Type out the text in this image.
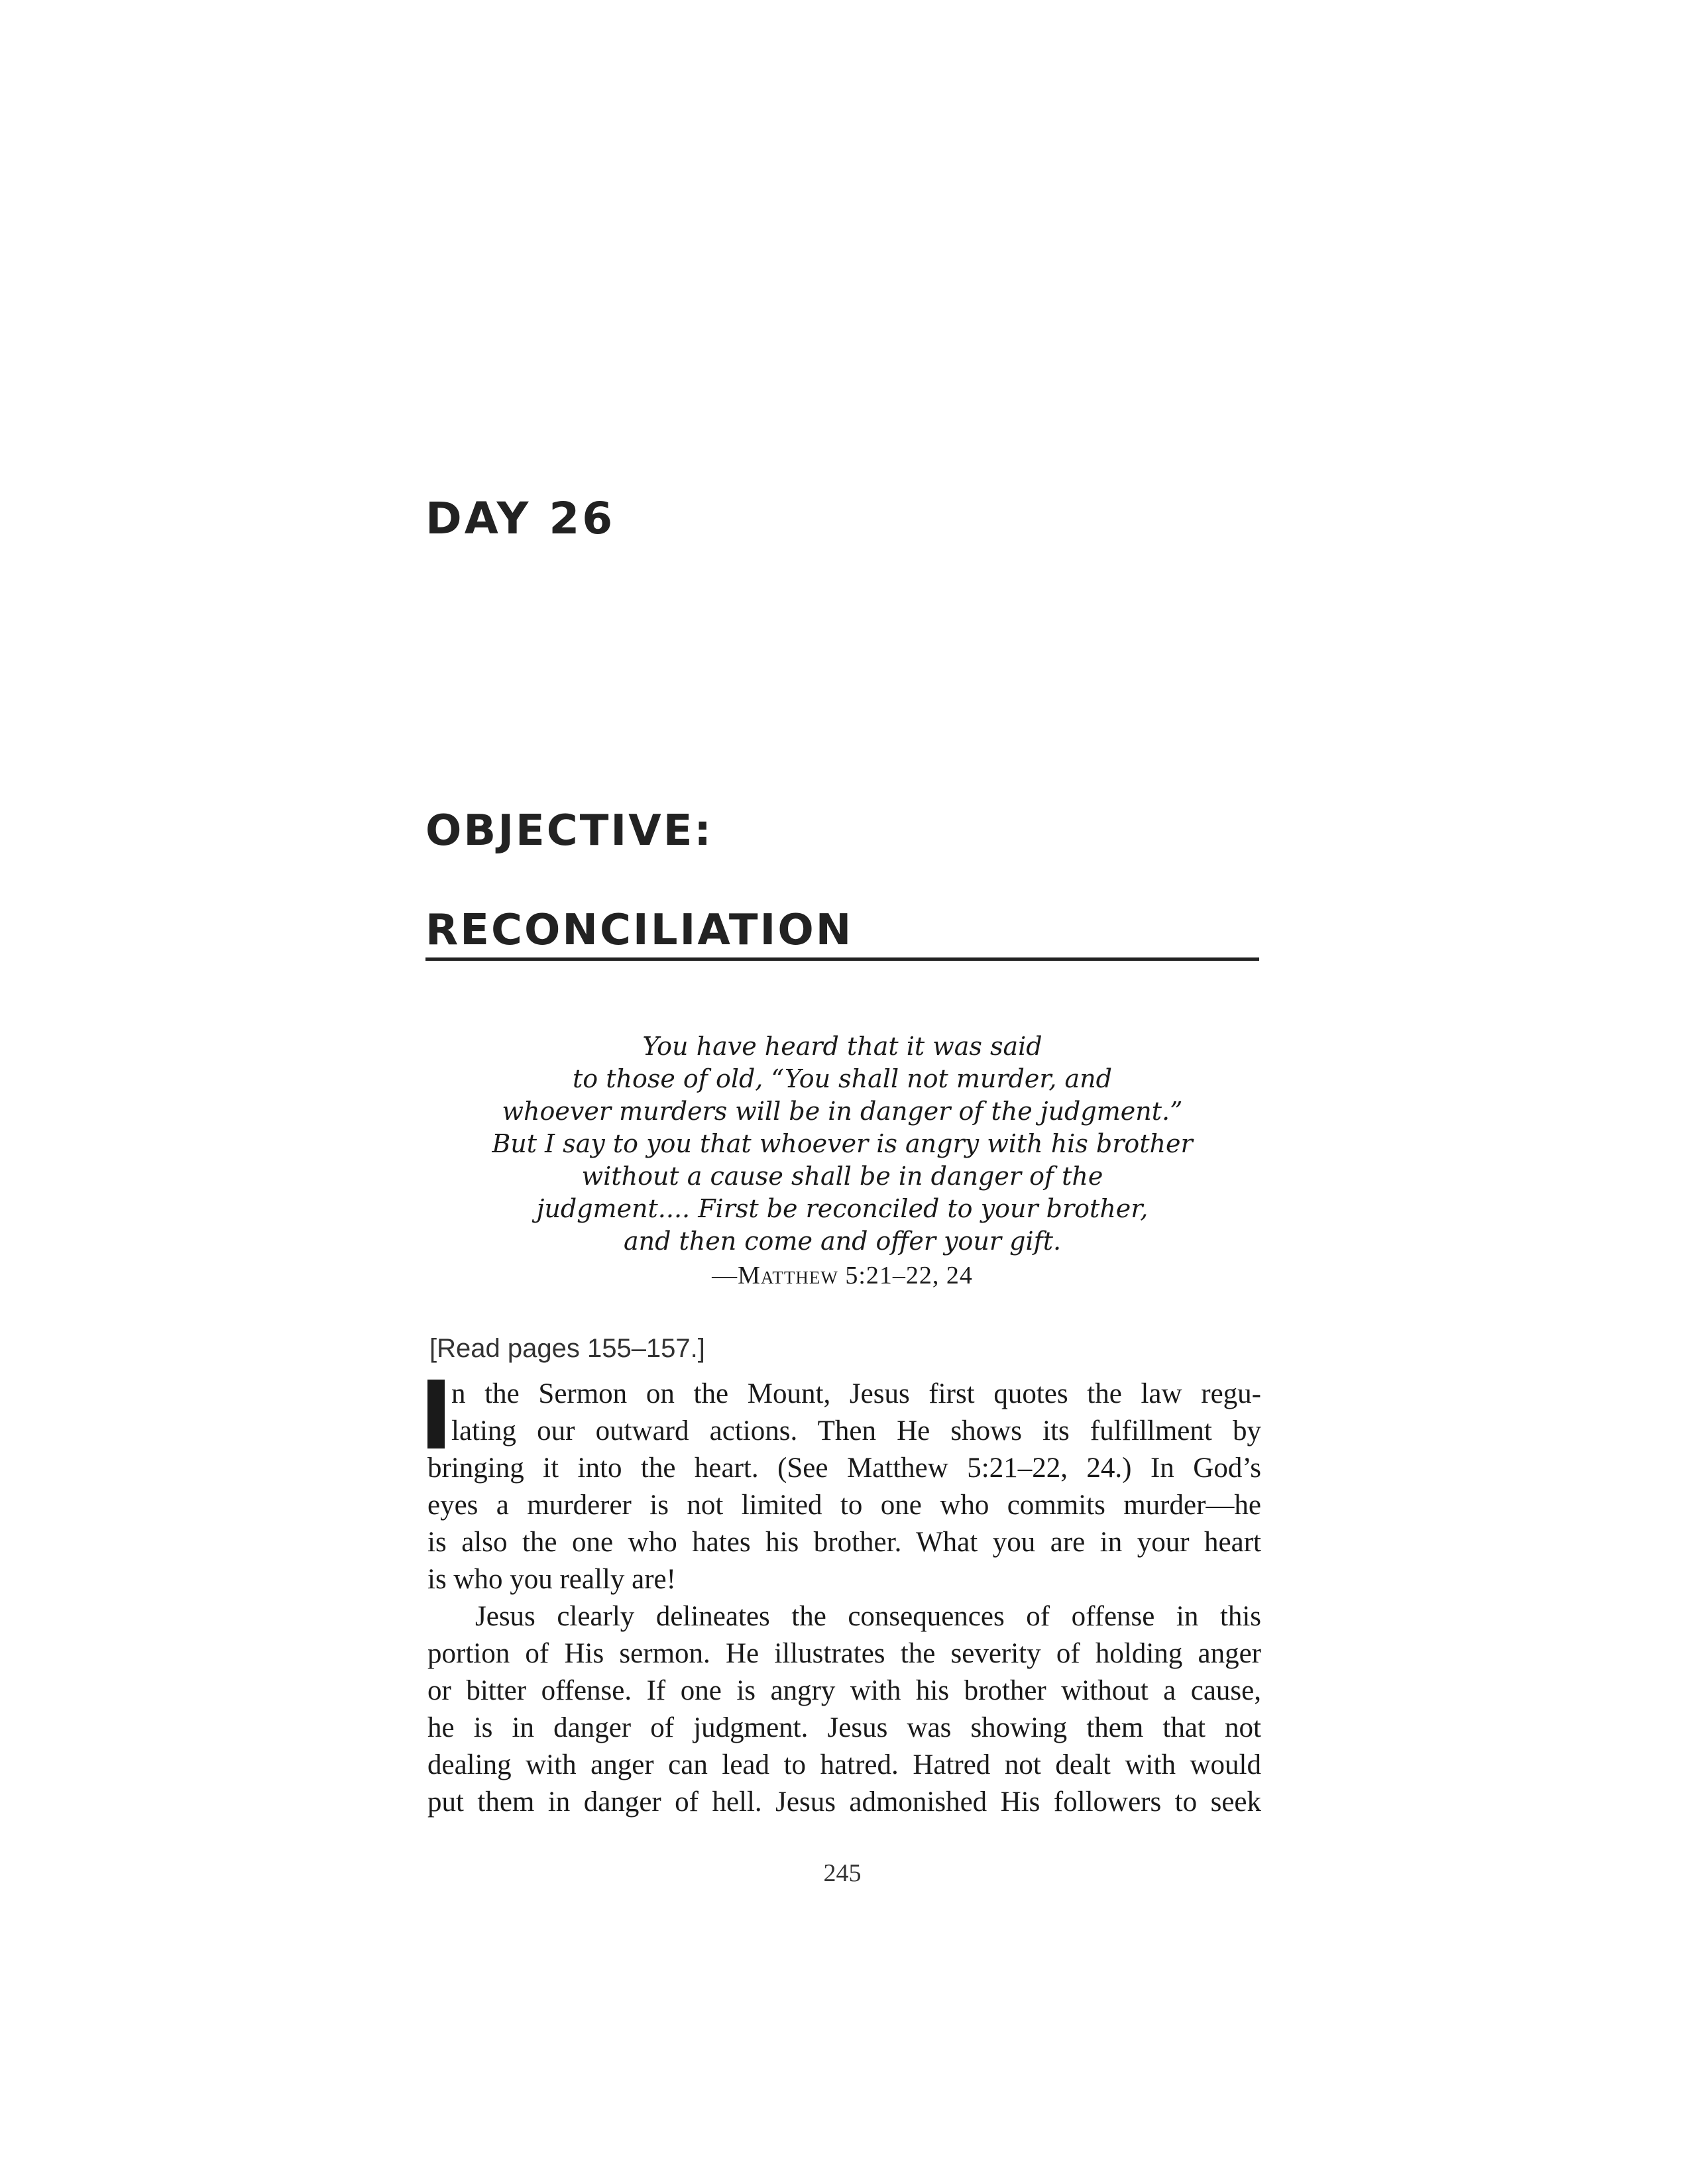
DAY 26
OBJECTIVE:
RECONCILIATION
You have heard that it was said
to those of old, “You shall not murder, and
whoever murders will be in danger of the judgment.”
But I say to you that whoever is angry with his brother
without a cause shall be in danger of the
judgment.... First be reconciled to your brother,
and then come and offer your gift.
—Matthew 5:21–22, 24
[Read pages 155–157.]
n the Sermon on the Mount, Jesus first quotes the law regu-
lating our outward actions. Then He shows its fulfillment by
bringing it into the heart. (See Matthew 5:21–22, 24.) In God’s
eyes a murderer is not limited to one who commits murder—he
is also the one who hates his brother. What you are in your heart
is who you really are!
Jesus clearly delineates the consequences of offense in this
portion of His sermon. He illustrates the severity of holding anger
or bitter offense. If one is angry with his brother without a cause,
he is in danger of judgment. Jesus was showing them that not
dealing with anger can lead to hatred. Hatred not dealt with would
put them in danger of hell. Jesus admonished His followers to seek
245
